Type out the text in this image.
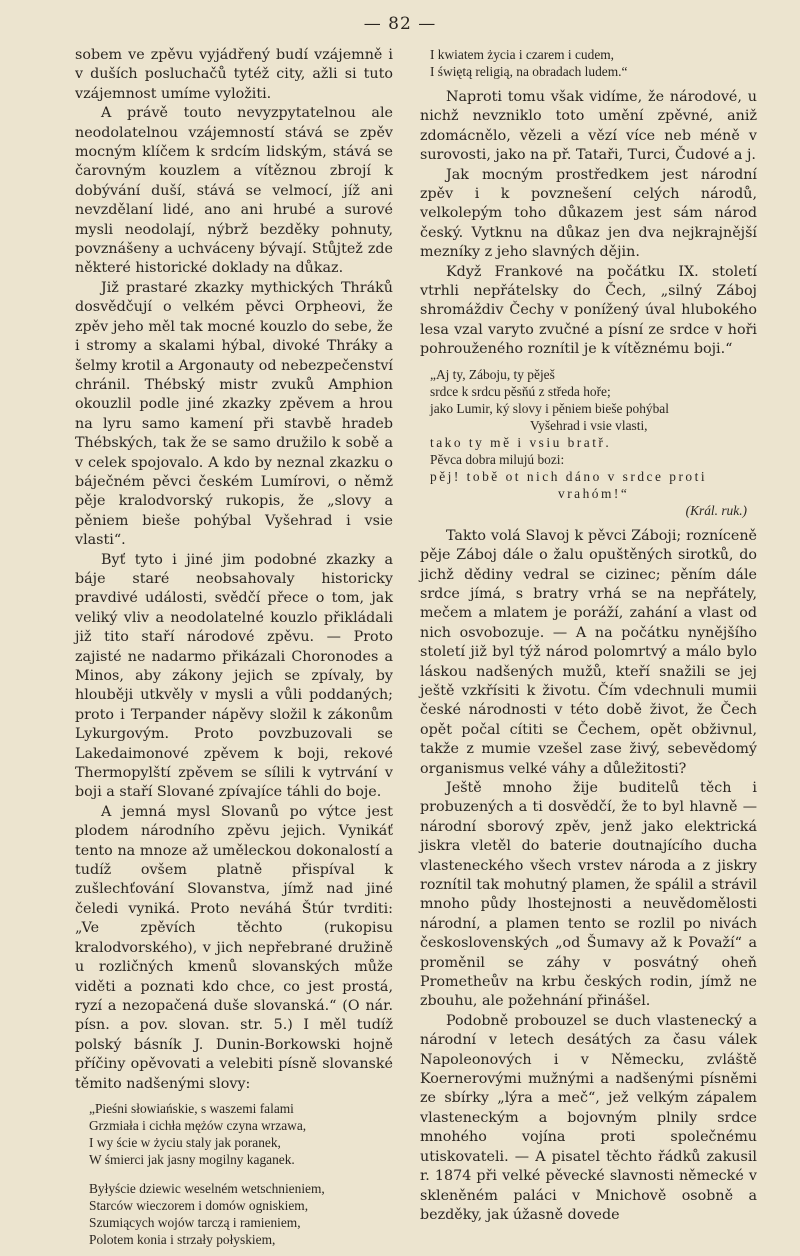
— 82 —

sobem ve zpěvu vyjádřený budí vzájemně i v duších posluchačů tytéž city, ažli si tuto vzájemnost umíme vyložiti.

A právě touto nevyzpytatelnou ale neodolatelnou vzájemností stává se zpěv mocným klíčem k srdcím lidským, stává se čarovným kouzlem a vítěznou zbrojí k dobývání duší, stává se velmocí, jíž ani nevzdělaní lidé, ano ani hrubé a surové mysli neodolají, nýbrž bezděky pohnuty, povznášeny a uchváceny bývají. Stůjtež zde některé historické doklady na důkaz.

Již prastaré zkazky mythických Thráků dosvědčují o velkém pěvci Orpheovi, že zpěv jeho měl tak mocné kouzlo do sebe, že i stromy a skalami hýbal, divoké Thráky a šelmy krotil a Argonauty od nebezpečenství chránil. Thébský mistr zvuků Amphion okouzlil podle jiné zkazky zpěvem a hrou na lyru samo kamení při stavbě hradeb Thébských, tak že se samo družilo k sobě a v celek spojovalo. A kdo by neznal zkazku o báječném pěvci českém Lumírovi, o němž pěje kralodvorský rukopis, že „slovy a pěniem bieše pohýbal Vyšehrad i vsie vlasti“.

Byť tyto i jiné jim podobné zkazky a báje staré neobsahovaly historicky pravdivé události, svědčí přece o tom, jak veliký vliv a neodolatelné kouzlo přikládali již tito staří národové zpěvu. — Proto zajisté ne nadarmo přikázali Choronodes a Minos, aby zákony jejich se zpívaly, by hlouběji utkvěly v mysli a vůli poddaných; proto i Terpander nápěvy složil k zákonům Lykurgovým. Proto povzbuzovali se Lakedaimonové zpěvem k boji, rekové Thermopylští zpěvem se sílili k vytrvání v boji a staří Slované zpívajíce táhli do boje.

A jemná mysl Slovanů po výtce jest plodem národního zpěvu jejich. Vynikáť tento na mnoze až uměleckou dokonalostí a tudíž ovšem platně přispíval k zušlechťování Slovanstva, jímž nad jiné čeledi vyniká. Proto neváhá Štúr tvrditi: „Ve zpěvích těchto (rukopisu kralodvorského), v jich nepřebrané družině u rozličných kmenů slovanských může viděti a poznati kdo chce, co jest prostá, ryzí a nezopačená duše slovanská.“ (O nár. písn. a pov. slovan. str. 5.) I měl tudíž polský básník J. Dunin-Borkowski hojně příčiny opěvovati a velebiti písně slovanské těmito nadšenými slovy:

„Pieśni słowiańskie, s waszemi falami
Grzmiała i cichła mężów czyna wrzawa,
I wy ście w życiu staly jak poranek,
W śmierci jak jasny mogilny kaganek.
Byłyście dziewic weselném wetschnieniem,
Starców wieczorem i domów ogniskiem,
Szumiących wojów tarczą i ramieniem,
Polotem konia i strzały połyskiem,
I kwiatem życia i czarem i cudem,
I świętą religią, na obradach ludem.“

Naproti tomu však vidíme, že národové, u nichž nevzniklo toto umění zpěvné, aniž zdomácnělo, vězeli a vězí více neb méně v surovosti, jako na př. Tataři, Turci, Čudové a j.

Jak mocným prostředkem jest národní zpěv i k povznešení celých národů, velkolepým toho důkazem jest sám národ český. Vytknu na důkaz jen dva nejkrajnější mezníky z jeho slavných dějin.

Když Frankové na počátku IX. století vtrhli nepřátelsky do Čech, „silný Záboj shromáždiv Čechy v ponížený úval hlubokého lesa vzal varyto zvučné a písní ze srdce v hoři pohrouženého roznítil je k vítěznému boji.“

„Aj ty, Záboju, ty pěješ
srdce k srdcu pěsňú z středa hoře;
jako Lumir, ký slovy i pěniem bieše pohýbal
Vyšehrad i vsie vlasti,
tako ty mě i vsiu bratř.
Pěvca dobra milujú bozi:
pěj! tobě ot nich dáno v srdce proti
vrahóm!“
(Král. ruk.)

Takto volá Slavoj k pěvci Záboji; rozníceně pěje Záboj dále o žalu opuštěných sirotků, do jichž dědiny vedral se cizinec; pěním dále srdce jímá, s bratry vrhá se na nepřátely, mečem a mlatem je poráží, zahání a vlast od nich osvobozuje. — A na počátku nynějšího století již byl týž národ polomrtvý a málo bylo láskou nadšených mužů, kteří snažili se jej ještě vzkřísiti k životu. Čím vdechnuli mumii české národnosti v této době život, že Čech opět počal cítiti se Čechem, opět obživnul, takže z mumie vzešel zase živý, sebevědomý organismus velké váhy a důležitosti?

Ještě mnoho žije buditelů těch i probuzených a ti dosvědčí, že to byl hlavně — národní sborový zpěv, jenž jako elektrická jiskra vletěl do baterie doutnajícího ducha vlasteneckého všech vrstev národa a z jiskry roznítil tak mohutný plamen, že spálil a strávil mnoho půdy lhostejnosti a neuvědomělosti národní, a plamen tento se rozlil po nivách československých „od Šumavy až k Považí“ a proměnil se záhy v posvátný oheň Prometheův na krbu českých rodin, jímž ne zbouhu, ale požehnání přinášel.

Podobně probouzel se duch vlastenecký a národní v letech desátých za času válek Napoleonových i v Německu, zvláště Koernerovými mužnými a nadšenými písněmi ze sbírky „lýra a meč“, jež velkým zápalem vlasteneckým a bojovným plnily srdce mnohého vojína proti společnému utiskovateli. — A pisatel těchto řádků zakusil r. 1874 při velké pěvecké slavnosti německé v skleněném paláci v Mnichově osobně a bezděky, jak úžasně dovede
